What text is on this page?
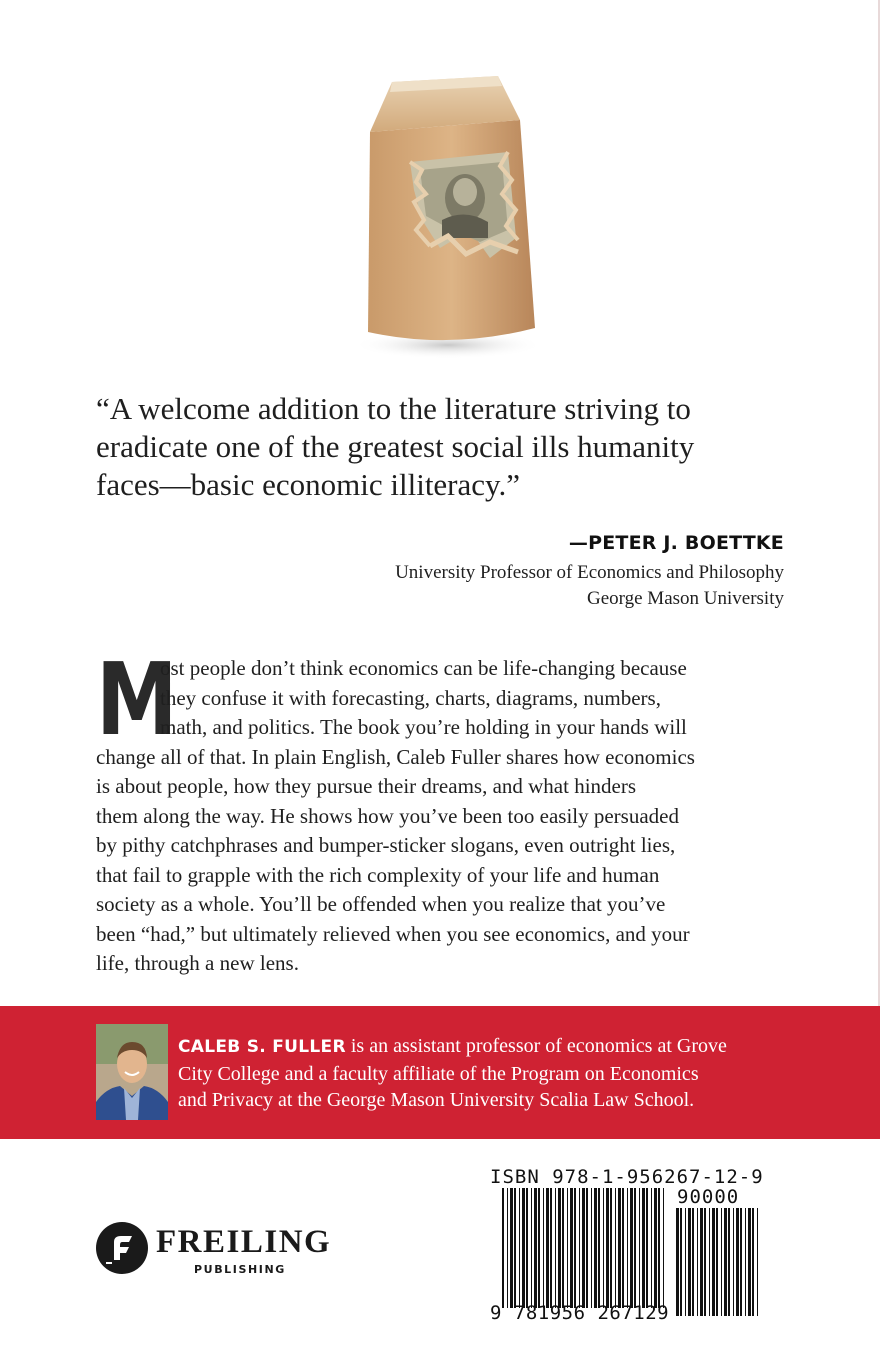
“A welcome addition to the literature striving to
eradicate one of the greatest social ills humanity
faces—basic economic illiteracy.”
—PETER J. BOETTKE
University Professor of Economics and Philosophy
George Mason University
M
ost people don’t think economics can be life-changing because
they confuse it with forecasting, charts, diagrams, numbers,
math, and politics. The book you’re holding in your hands will
change all of that. In plain English, Caleb Fuller shares how economics
is about people, how they pursue their dreams, and what hinders
them along the way. He shows how you’ve been too easily persuaded
by pithy catchphrases and bumper-sticker slogans, even outright lies,
that fail to grapple with the rich complexity of your life and human
society as a whole. You’ll be offended when you realize that you’ve
been “had,” but ultimately relieved when you see economics, and your
life, through a new lens.
CALEB S. FULLER is an assistant professor of economics at Grove
City College and a faculty affiliate of the Program on Economics
and Privacy at the George Mason University Scalia Law School.
FREILING
PUBLISHING
ISBN 978-1-956267-12-9
90000
9 781956 267129
